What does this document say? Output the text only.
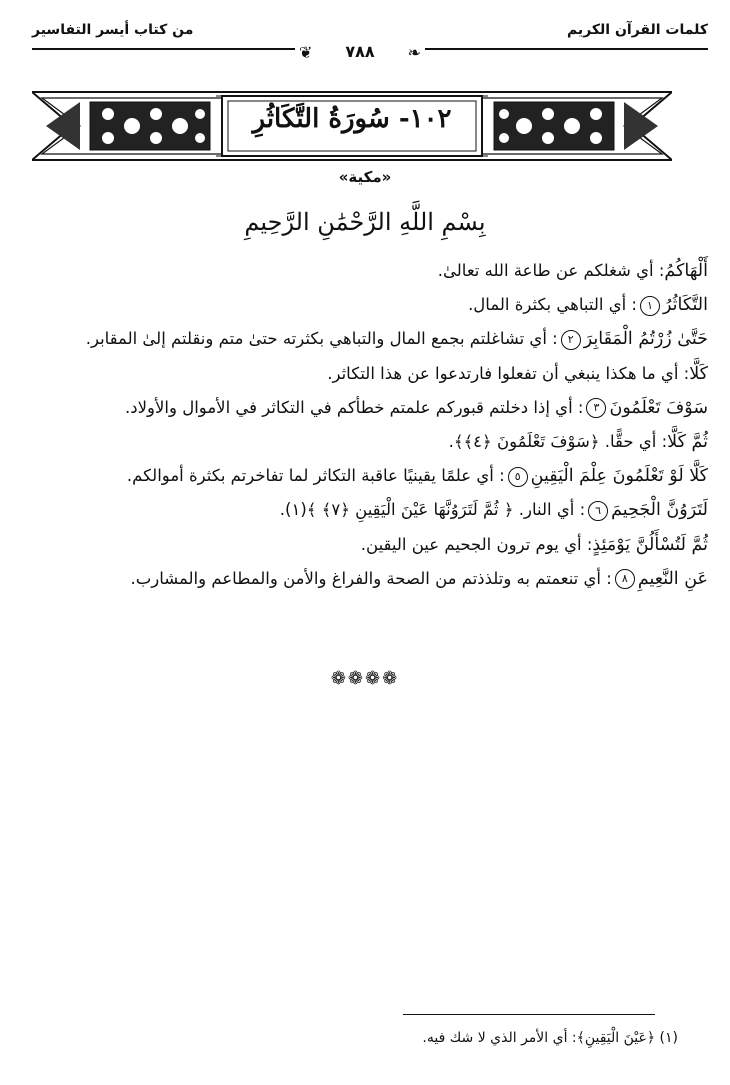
من كتاب أيسر التفاسير	كلمات القرآن الكريم
❦	٧٨٨	❧
١٠٢- سُورَةُ التَّكَاثُرِ
«مكية»
بِسْمِ اللَّهِ الرَّحْمَٰنِ الرَّحِيمِ
أَلْهَاكُمُ: أي شغلكم عن طاعة الله تعالىٰ.
التَّكَاثُرُ١: أي التباهي بكثرة المال.
حَتَّىٰ زُرْتُمُ الْمَقَابِرَ٢: أي تشاغلتم بجمع المال والتباهي بكثرته حتىٰ متم ونقلتم إلىٰ المقابر.
كَلَّا: أي ما هكذا ينبغي أن تفعلوا فارتدعوا عن هذا التكاثر.
سَوْفَ تَعْلَمُونَ٣: أي إذا دخلتم قبوركم علمتم خطأكم في التكاثر في الأموال والأولاد.
ثُمَّ كَلَّا: أي حقًّا. ﴿سَوْفَ تَعْلَمُونَ ﴿٤﴾﴾.
كَلَّا لَوْ تَعْلَمُونَ عِلْمَ الْيَقِينِ٥: أي علمًا يقينيًا عاقبة التكاثر لما تفاخرتم بكثرة أموالكم.
لَتَرَوُنَّ الْجَحِيمَ٦: أي النار. ﴿ ثُمَّ لَتَرَوُنَّهَا عَيْنَ الْيَقِينِ ﴿٧﴾ ﴾(١).
ثُمَّ لَتُسْأَلُنَّ يَوْمَئِذٍ: أي يوم ترون الجحيم عين اليقين.
عَنِ النَّعِيمِ٨: أي تنعمتم به وتلذذتم من الصحة والفراغ والأمن والمطاعم والمشارب.
❁❁❁❁
(١) ﴿عَيْنَ الْيَقِينِ﴾: أي الأمر الذي لا شك فيه.
